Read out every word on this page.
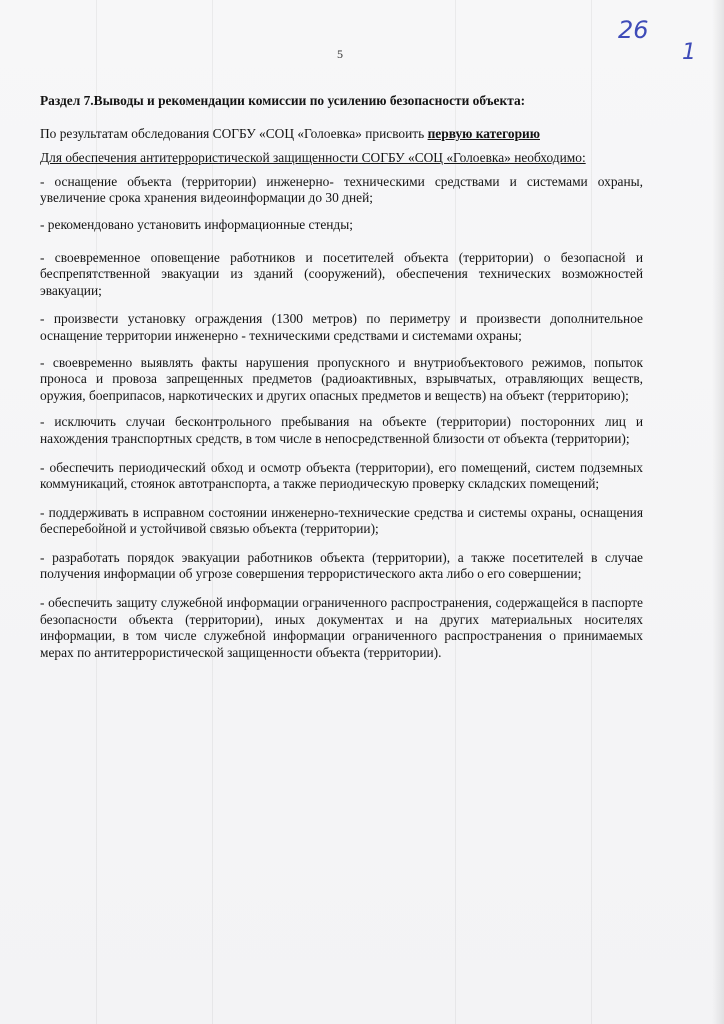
5
26
1

Раздел 7.Выводы и рекомендации комиссии по усилению безопасности объекта:

По результатам обследования СОГБУ «СОЦ «Голоевка» присвоить первую категорию

Для обеспечения антитеррористической защищенности СОГБУ «СОЦ «Голоевка» необходимо:

- оснащение объекта (территории) инженерно- техническими средствами и системами охраны, увеличение срока хранения видеоинформации до 30 дней;

- рекомендовано установить информационные стенды;

- своевременное оповещение работников и посетителей объекта (территории) о безопасной и беспрепятственной эвакуации из зданий (сооружений), обеспечения технических возможностей эвакуации;

- произвести установку ограждения (1300 метров) по периметру и произвести дополнительное оснащение территории инженерно - техническими средствами и системами охраны;

- своевременно выявлять факты нарушения пропускного и внутриобъектового режимов, попыток проноса и провоза запрещенных предметов (радиоактивных, взрывчатых, отравляющих веществ, оружия, боеприпасов, наркотических и других опасных предметов и веществ) на объект (территорию);

- исключить случаи бесконтрольного пребывания на объекте (территории) посторонних лиц и нахождения транспортных средств, в том числе в непосредственной близости от объекта (территории);

- обеспечить периодический обход и осмотр объекта (территории), его помещений, систем подземных коммуникаций, стоянок автотранспорта, а также периодическую проверку складских помещений;

- поддерживать в исправном состоянии инженерно-технические средства и системы охраны, оснащения бесперебойной и устойчивой связью объекта (территории);

- разработать порядок эвакуации работников объекта (территории), а также посетителей в случае получения информации об угрозе совершения террористического акта либо о его совершении;

- обеспечить защиту служебной информации ограниченного распространения, содержащейся в паспорте безопасности объекта (территории), иных документах и на других материальных носителях информации, в том числе служебной информации ограниченного распространения о принимаемых мерах по антитеррористической защищенности объекта (территории).
